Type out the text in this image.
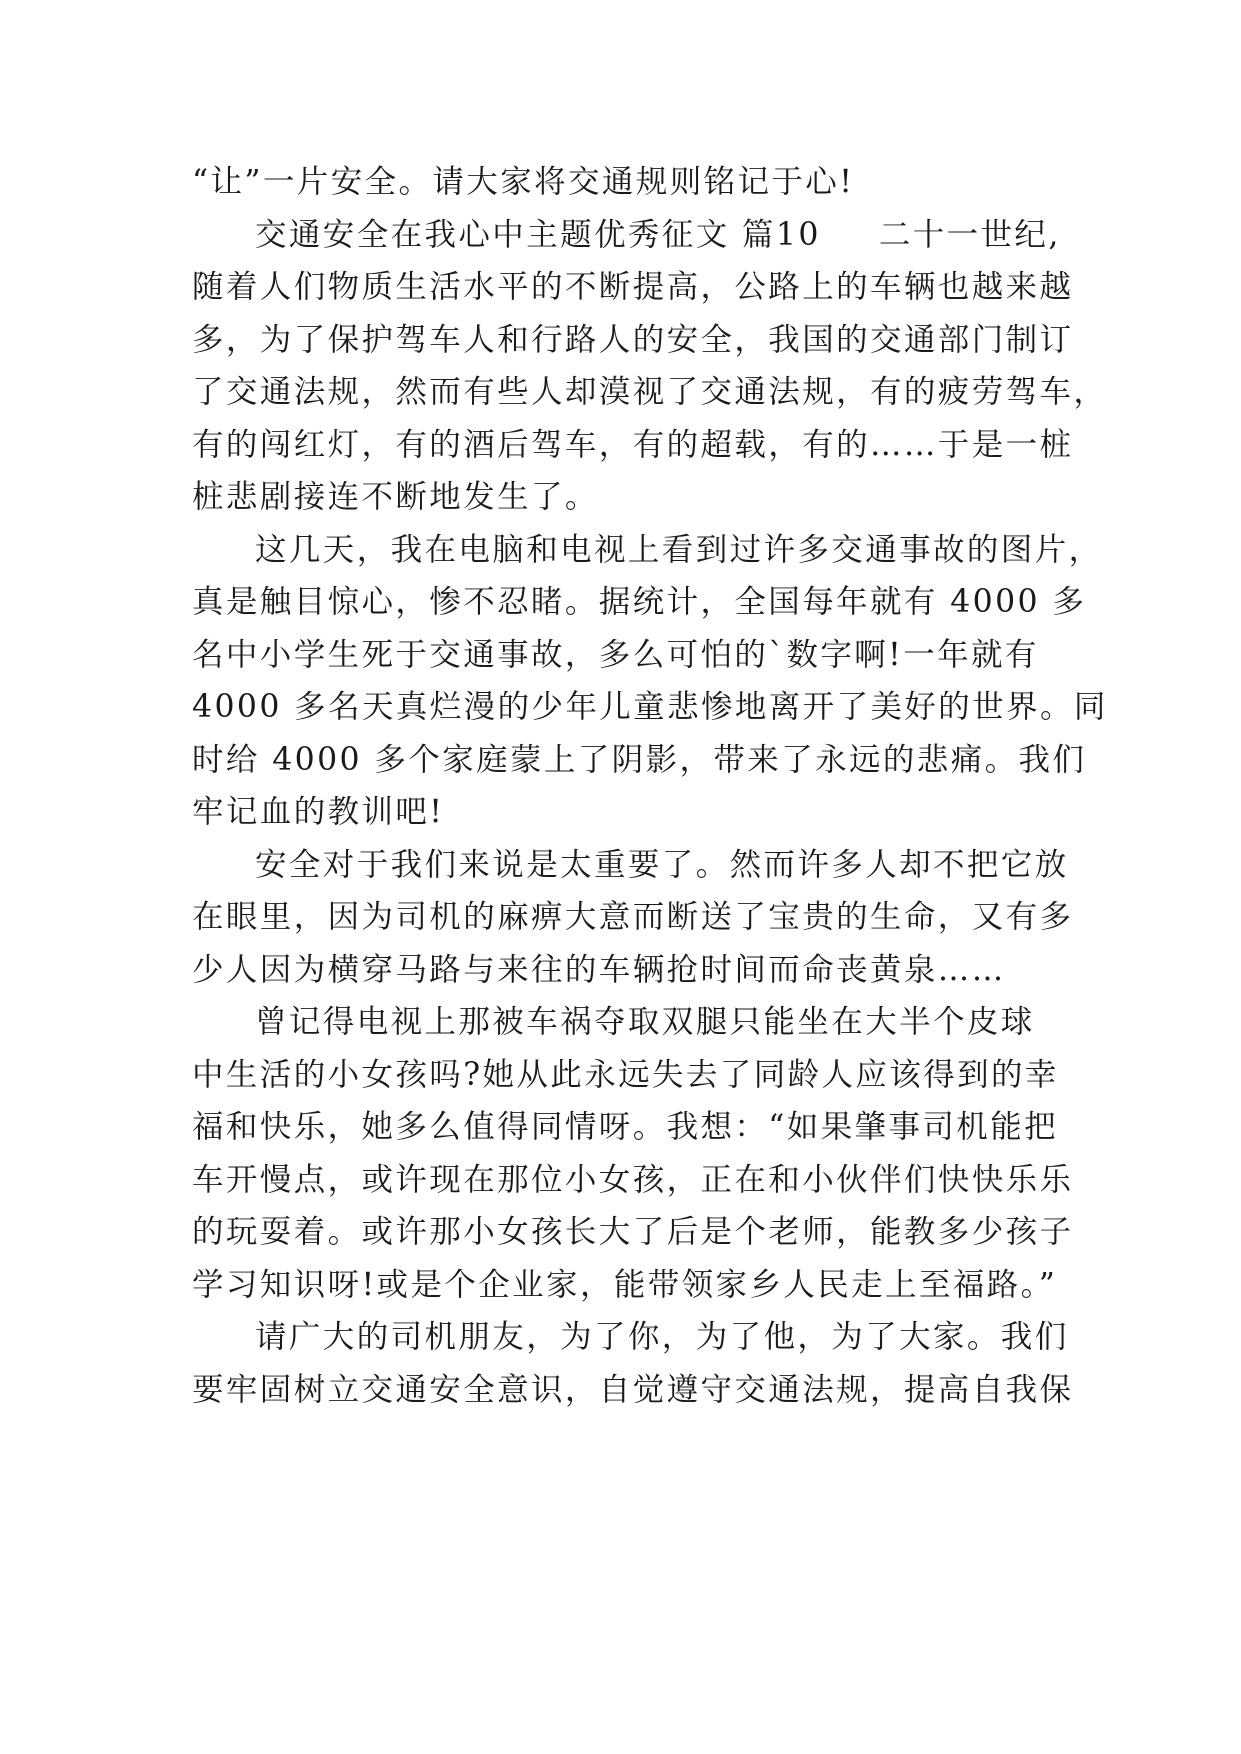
“让”一片安全。请大家将交通规则铭记于心!
交通安全在我心中主题优秀征文 篇10 二十一世纪,
随着人们物质生活水平的不断提高，公路上的车辆也越来越
多，为了保护驾车人和行路人的安全，我国的交通部门制订
了交通法规，然而有些人却漠视了交通法规，有的疲劳驾车，
有的闯红灯，有的酒后驾车，有的超载，有的……于是一桩
桩悲剧接连不断地发生了。
这几天，我在电脑和电视上看到过许多交通事故的图片，
真是触目惊心，惨不忍睹。据统计，全国每年就有 4000 多
名中小学生死于交通事故，多么可怕的`数字啊!一年就有
4000 多名天真烂漫的少年儿童悲惨地离开了美好的世界。同
时给 4000 多个家庭蒙上了阴影，带来了永远的悲痛。我们
牢记血的教训吧!
安全对于我们来说是太重要了。然而许多人却不把它放
在眼里，因为司机的麻痹大意而断送了宝贵的生命，又有多
少人因为横穿马路与来往的车辆抢时间而命丧黄泉……
曾记得电视上那被车祸夺取双腿只能坐在大半个皮球
中生活的小女孩吗?她从此永远失去了同龄人应该得到的幸
福和快乐，她多么值得同情呀。我想：“如果肇事司机能把
车开慢点，或许现在那位小女孩，正在和小伙伴们快快乐乐
的玩耍着。或许那小女孩长大了后是个老师，能教多少孩子
学习知识呀!或是个企业家，能带领家乡人民走上至福路。”
请广大的司机朋友，为了你，为了他，为了大家。我们
要牢固树立交通安全意识，自觉遵守交通法规，提高自我保
